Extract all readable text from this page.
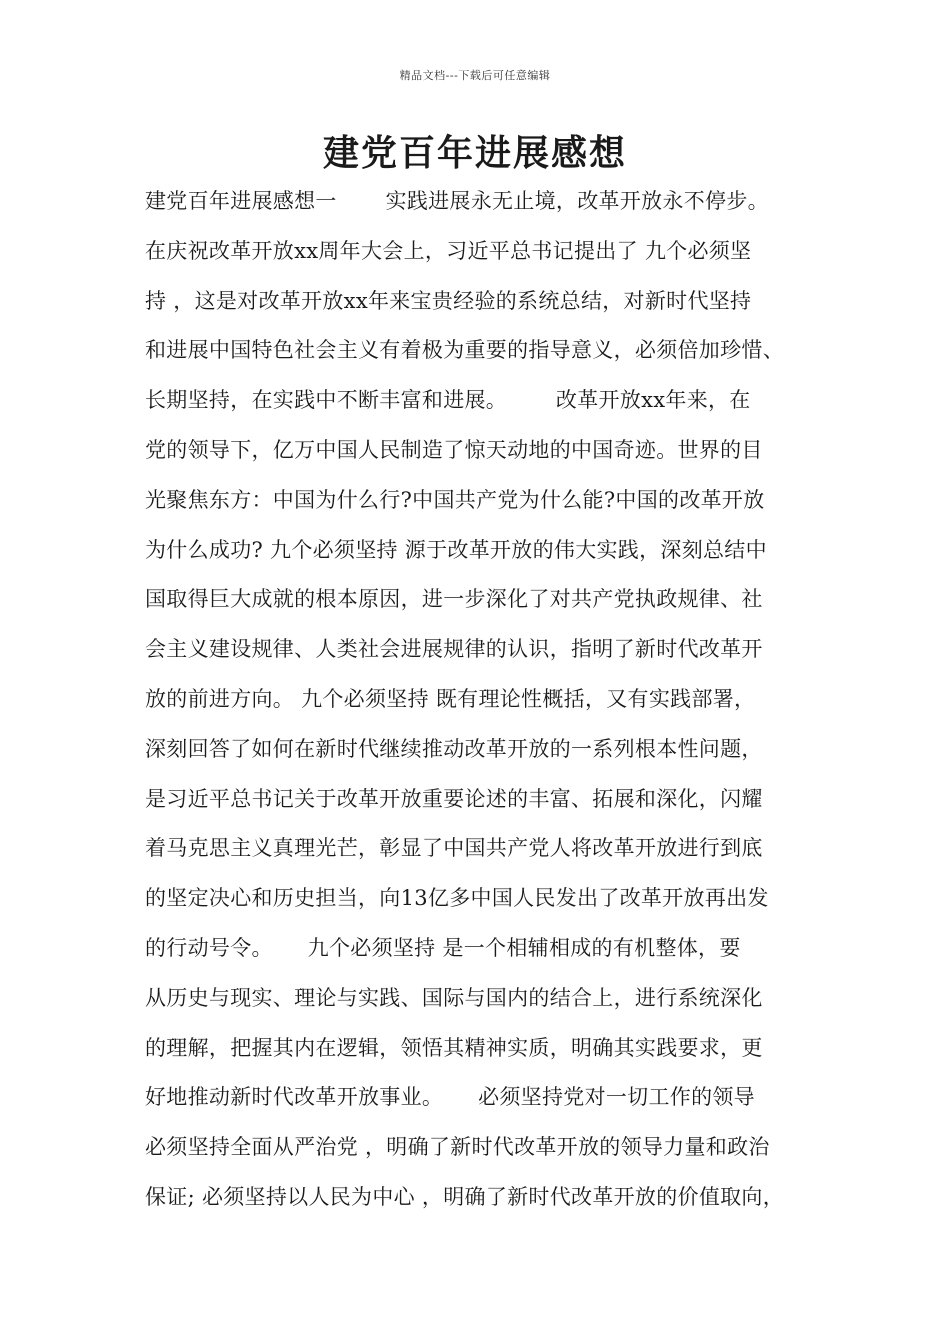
精品文档---下载后可任意编辑
建党百年进展感想
建党百年进展感想一       实践进展永无止境，改革开放永不停步。
在庆祝改革开放xx周年大会上，习近平总书记提出了 九个必须坚
持 ，这是对改革开放xx年来宝贵经验的系统总结，对新时代坚持
和进展中国特色社会主义有着极为重要的指导意义，必须倍加珍惜、
长期坚持，在实践中不断丰富和进展。       改革开放xx年来，在
党的领导下，亿万中国人民制造了惊天动地的中国奇迹。世界的目
光聚焦东方：中国为什么行?中国共产党为什么能?中国的改革开放
为什么成功? 九个必须坚持 源于改革开放的伟大实践，深刻总结中
国取得巨大成就的根本原因，进一步深化了对共产党执政规律、社
会主义建设规律、人类社会进展规律的认识，指明了新时代改革开
放的前进方向。 九个必须坚持 既有理论性概括，又有实践部署，
深刻回答了如何在新时代继续推动改革开放的一系列根本性问题，
是习近平总书记关于改革开放重要论述的丰富、拓展和深化，闪耀
着马克思主义真理光芒，彰显了中国共产党人将改革开放进行到底
的坚定决心和历史担当，向13亿多中国人民发出了改革开放再出发
的行动号令。     九个必须坚持 是一个相辅相成的有机整体，要
从历史与现实、理论与实践、国际与国内的结合上，进行系统深化
的理解，把握其内在逻辑，领悟其精神实质，明确其实践要求，更
好地推动新时代改革开放事业。     必须坚持党对一切工作的领导
必须坚持全面从严治党 ，明确了新时代改革开放的领导力量和政治
保证; 必须坚持以人民为中心 ，明确了新时代改革开放的价值取向，
